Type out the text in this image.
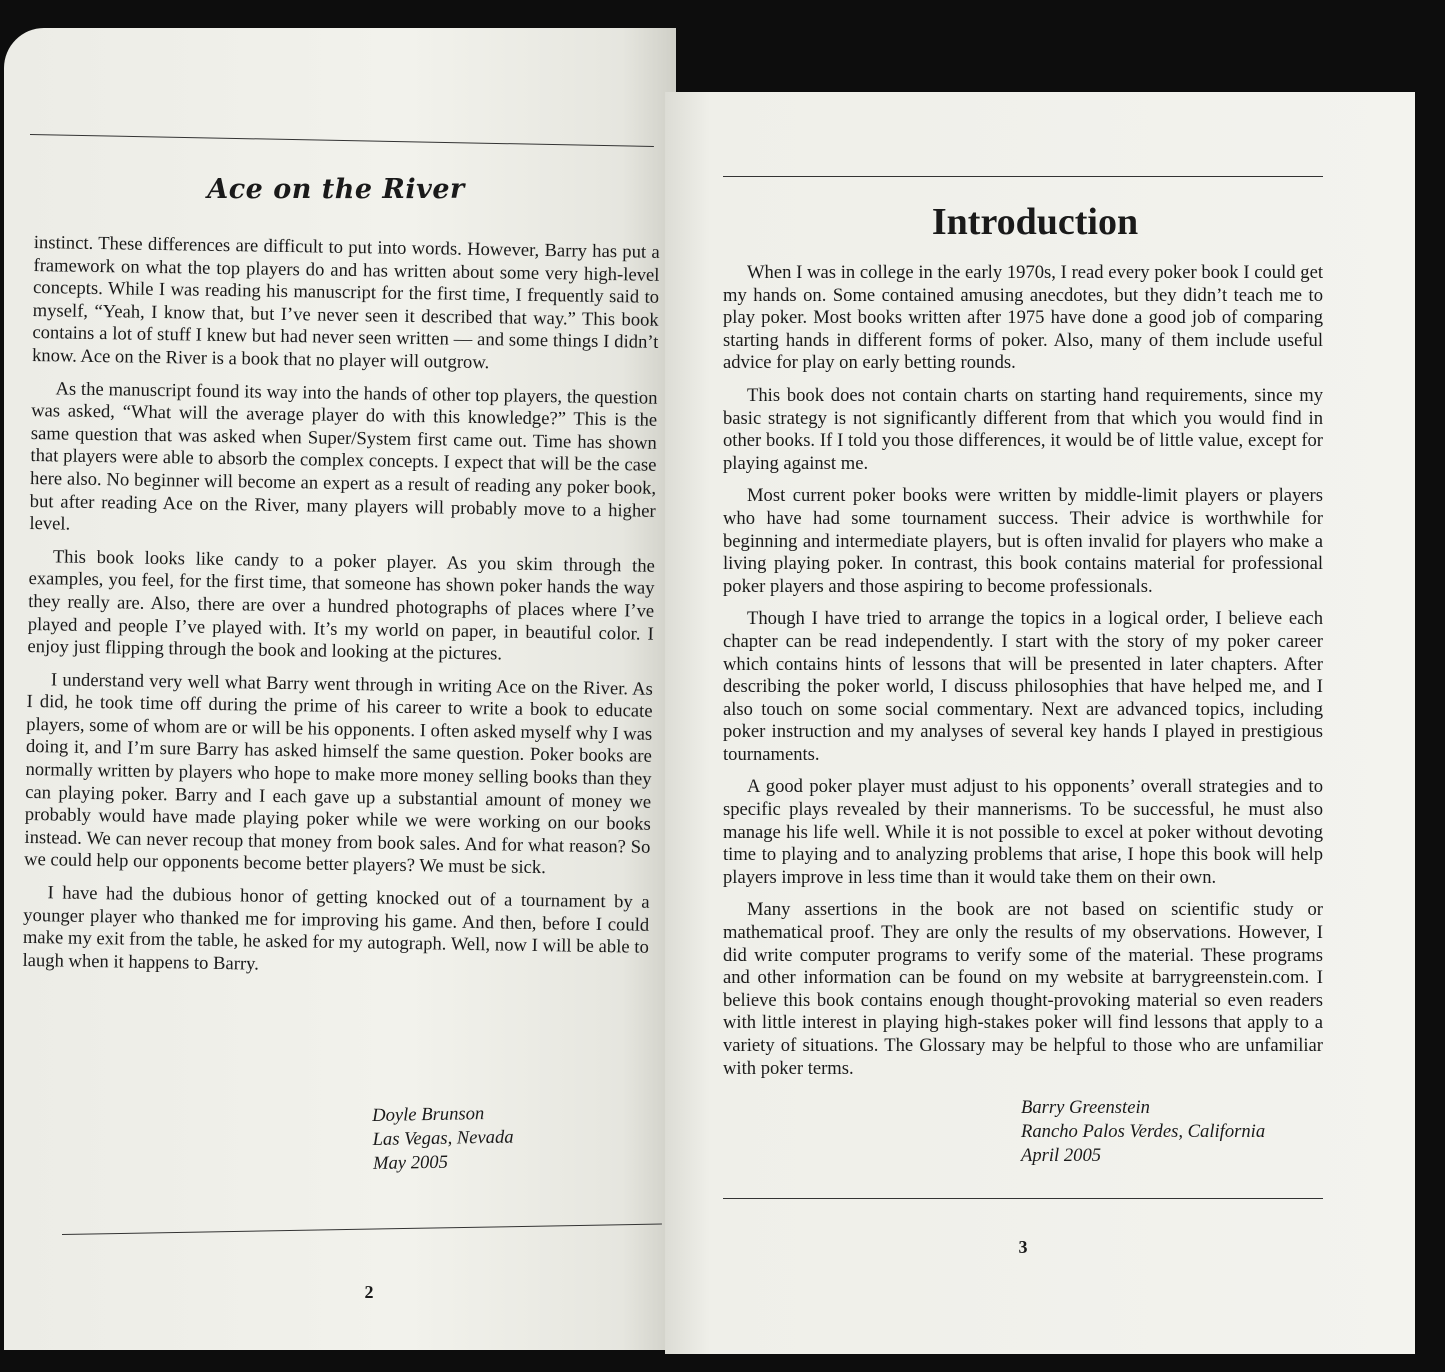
Ace on the River

instinct. These differences are difficult to put into words. However, Barry has put a framework on what the top players do and has written about some very high-level concepts. While I was reading his manuscript for the first time, I frequently said to myself, “Yeah, I know that, but I’ve never seen it described that way.” This book contains a lot of stuff I knew but had never seen written — and some things I didn’t know. Ace on the River is a book that no player will outgrow.

As the manuscript found its way into the hands of other top players, the question was asked, “What will the average player do with this knowledge?” This is the same question that was asked when Super/System first came out. Time has shown that players were able to absorb the complex concepts. I expect that will be the case here also. No beginner will become an expert as a result of reading any poker book, but after reading Ace on the River, many players will probably move to a higher level.

This book looks like candy to a poker player. As you skim through the examples, you feel, for the first time, that someone has shown poker hands the way they really are. Also, there are over a hundred photographs of places where I’ve played and people I’ve played with. It’s my world on paper, in beautiful color. I enjoy just flipping through the book and looking at the pictures.

I understand very well what Barry went through in writing Ace on the River. As I did, he took time off during the prime of his career to write a book to educate players, some of whom are or will be his opponents. I often asked myself why I was doing it, and I’m sure Barry has asked himself the same question. Poker books are normally written by players who hope to make more money selling books than they can playing poker. Barry and I each gave up a substantial amount of money we probably would have made playing poker while we were working on our books instead. We can never recoup that money from book sales. And for what reason? So we could help our opponents become better players? We must be sick.

I have had the dubious honor of getting knocked out of a tournament by a younger player who thanked me for improving his game. And then, before I could make my exit from the table, he asked for my autograph. Well, now I will be able to laugh when it happens to Barry.

Doyle Brunson
Las Vegas, Nevada
May 2005
2
Introduction

When I was in college in the early 1970s, I read every poker book I could get my hands on. Some contained amusing anecdotes, but they didn’t teach me to play poker. Most books written after 1975 have done a good job of comparing starting hands in different forms of poker. Also, many of them include useful advice for play on early betting rounds.

This book does not contain charts on starting hand requirements, since my basic strategy is not significantly different from that which you would find in other books. If I told you those differences, it would be of little value, except for playing against me.

Most current poker books were written by middle-limit players or players who have had some tournament success. Their advice is worthwhile for beginning and intermediate players, but is often invalid for players who make a living playing poker. In contrast, this book contains material for professional poker players and those aspiring to become professionals.

Though I have tried to arrange the topics in a logical order, I believe each chapter can be read independently. I start with the story of my poker career which contains hints of lessons that will be presented in later chapters. After describing the poker world, I discuss philosophies that have helped me, and I also touch on some social commentary. Next are advanced topics, including poker instruction and my analyses of several key hands I played in prestigious tournaments.

A good poker player must adjust to his opponents’ overall strategies and to specific plays revealed by their mannerisms. To be successful, he must also manage his life well. While it is not possible to excel at poker without devoting time to playing and to analyzing problems that arise, I hope this book will help players improve in less time than it would take them on their own.

Many assertions in the book are not based on scientific study or mathematical proof. They are only the results of my observations. However, I did write computer programs to verify some of the material. These programs and other information can be found on my website at barrygreenstein.com. I believe this book contains enough thought-provoking material so even readers with little interest in playing high-stakes poker will find lessons that apply to a variety of situations. The Glossary may be helpful to those who are unfamiliar with poker terms.

Barry Greenstein
Rancho Palos Verdes, California
April 2005
3
